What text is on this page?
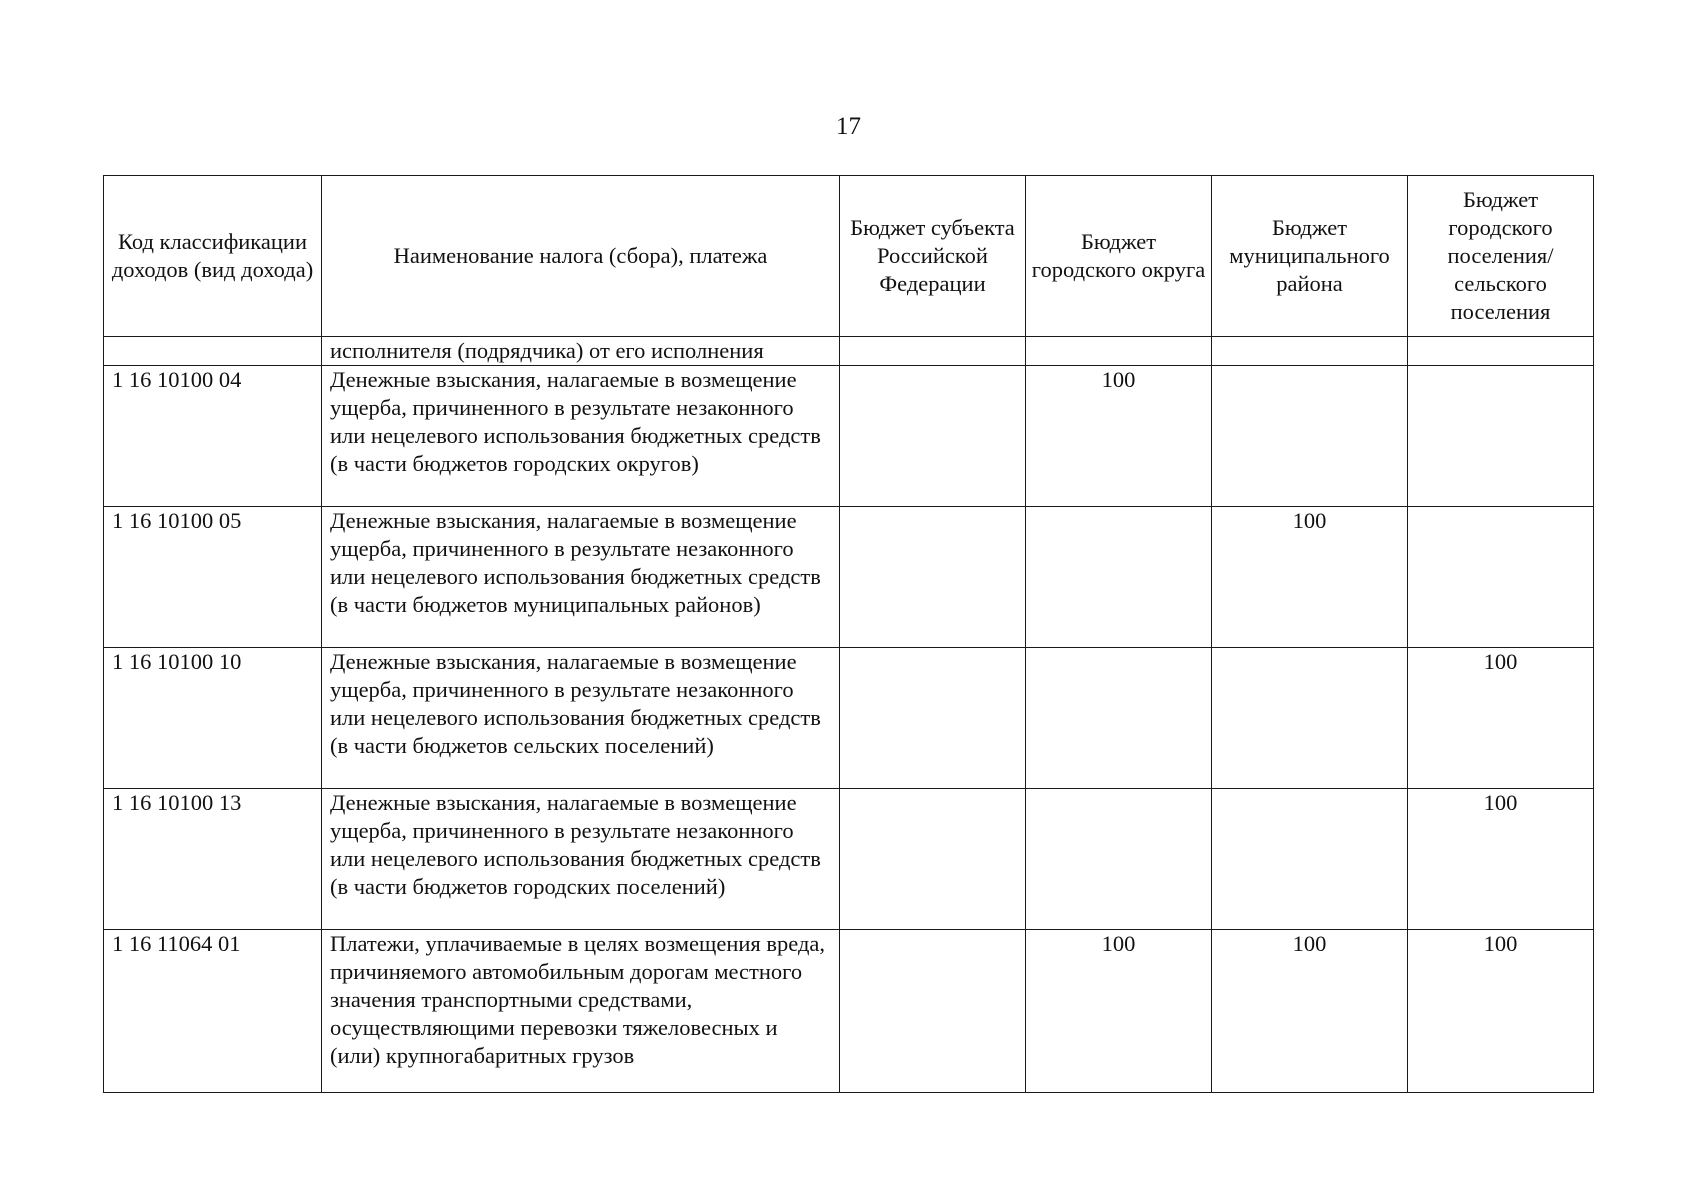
17
Код классификации доходов (вид дохода)	Наименование налога (сбора), платежа	Бюджет субъекта Российской Федерации	Бюджет городского округа	Бюджет муниципального района	Бюджет городского поселения/ сельского поселения
	исполнителя (подрядчика) от его исполнения				
1 16 10100 04	Денежные взыскания, налагаемые в возмещение ущерба, причиненного в результате незаконного или нецелевого использования бюджетных средств (в части бюджетов городских округов)		100		
1 16 10100 05	Денежные взыскания, налагаемые в возмещение ущерба, причиненного в результате незаконного или нецелевого использования бюджетных средств (в части бюджетов муниципальных районов)			100	
1 16 10100 10	Денежные взыскания, налагаемые в возмещение ущерба, причиненного в результате незаконного или нецелевого использования бюджетных средств (в части бюджетов сельских поселений)				100
1 16 10100 13	Денежные взыскания, налагаемые в возмещение ущерба, причиненного в результате незаконного или нецелевого использования бюджетных средств (в части бюджетов городских поселений)				100
1 16 11064 01	Платежи, уплачиваемые в целях возмещения вреда, причиняемого автомобильным дорогам местного значения транспортными средствами, осуществляющими перевозки тяжеловесных и (или) крупногабаритных грузов		100	100	100
